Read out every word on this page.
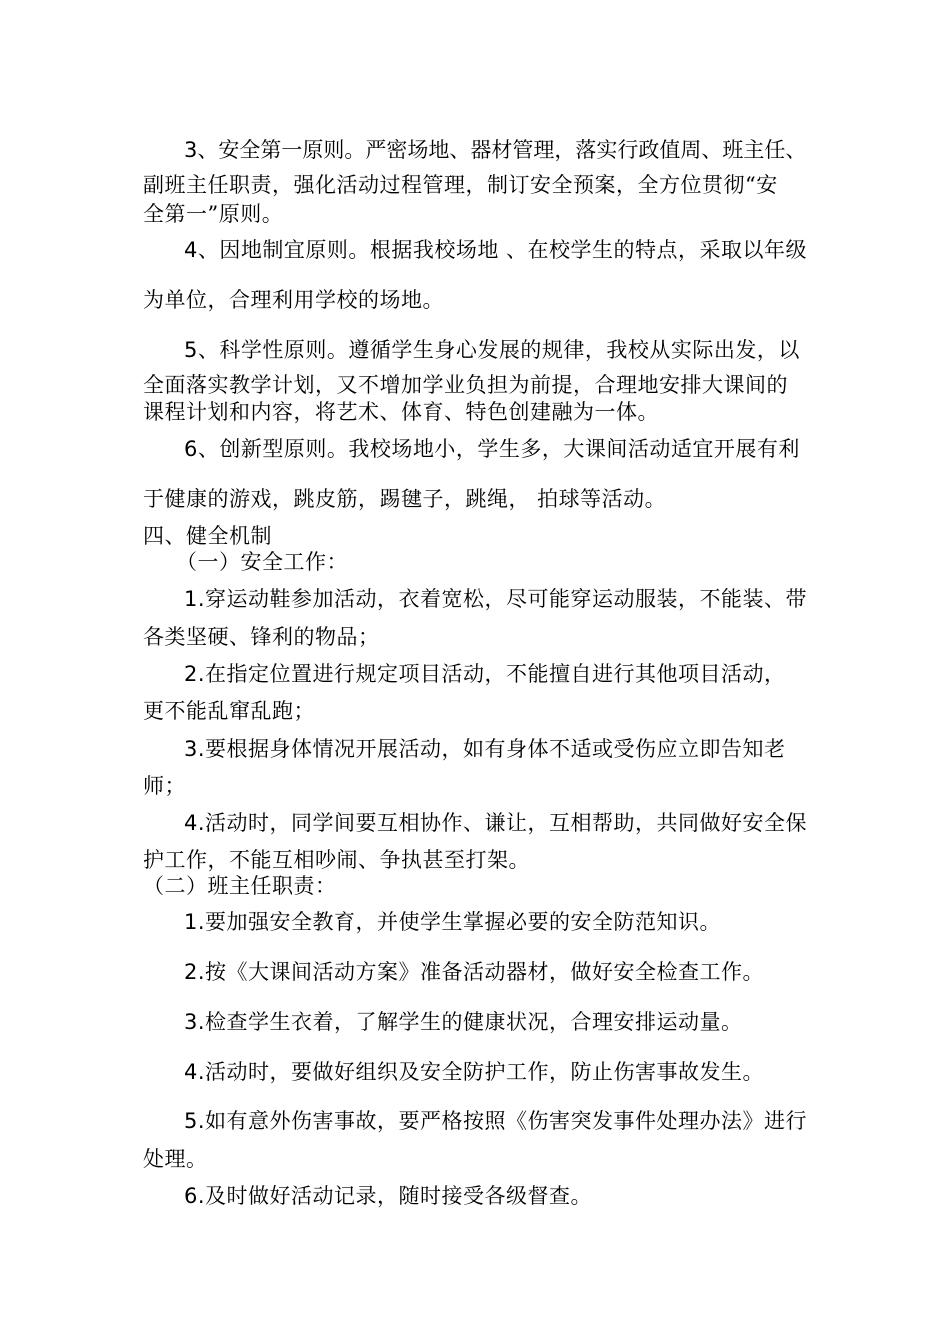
3、安全第一原则。严密场地、器材管理，落实行政值周、班主任、
副班主任职责，强化活动过程管理，制订安全预案，全方位贯彻“安
全第一”原则。
4、因地制宜原则。根据我校场地 、在校学生的特点，采取以年级
为单位，合理利用学校的场地。
5、科学性原则。遵循学生身心发展的规律，我校从实际出发，以
全面落实教学计划，又不增加学业负担为前提，合理地安排大课间的
课程计划和内容，将艺术、体育、特色创建融为一体。
6、创新型原则。我校场地小，学生多，大课间活动适宜开展有利
于健康的游戏，跳皮筋，踢毽子，跳绳， 拍球等活动。
四、健全机制
（一）安全工作：
1.穿运动鞋参加活动，衣着宽松，尽可能穿运动服装，不能装、带
各类坚硬、锋利的物品；
2.在指定位置进行规定项目活动，不能擅自进行其他项目活动，
更不能乱窜乱跑；
3.要根据身体情况开展活动，如有身体不适或受伤应立即告知老
师；
4.活动时，同学间要互相协作、谦让，互相帮助，共同做好安全保
护工作，不能互相吵闹、争执甚至打架。
（二）班主任职责：
1.要加强安全教育，并使学生掌握必要的安全防范知识。
2.按《大课间活动方案》准备活动器材，做好安全检查工作。
3.检查学生衣着，了解学生的健康状况，合理安排运动量。
4.活动时，要做好组织及安全防护工作，防止伤害事故发生。
5.如有意外伤害事故，要严格按照《伤害突发事件处理办法》进行
处理。
6.及时做好活动记录，随时接受各级督查。
